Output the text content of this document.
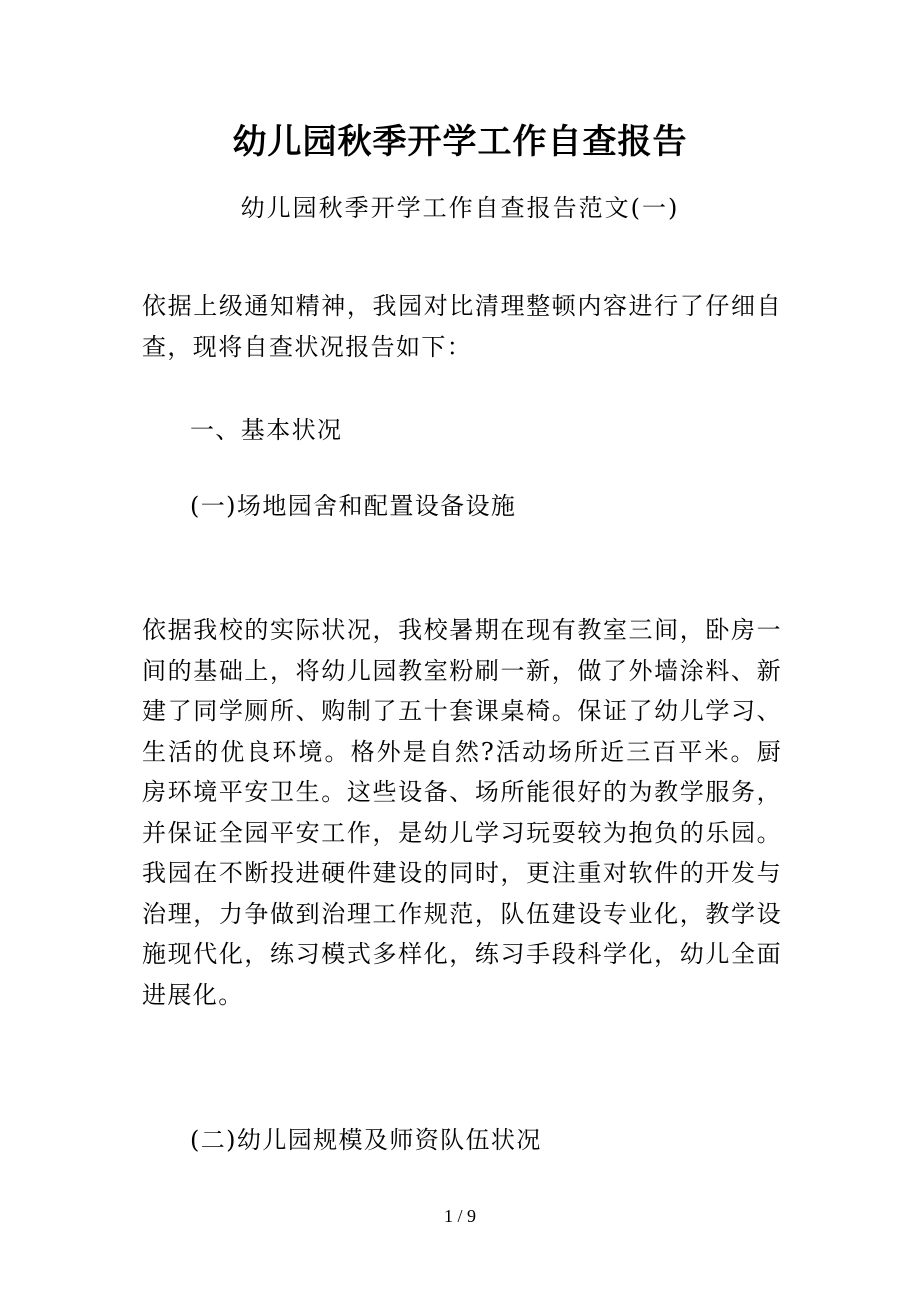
幼儿园秋季开学工作自查报告
幼儿园秋季开学工作自查报告范文(一)
依据上级通知精神，我园对比清理整顿内容进行了仔细自查，现将自查状况报告如下：
一、基本状况
(一)场地园舍和配置设备设施
依据我校的实际状况，我校暑期在现有教室三间，卧房一间的基础上，将幼儿园教室粉刷一新，做了外墙涂料、新建了同学厕所、购制了五十套课桌椅。保证了幼儿学习、生活的优良环境。格外是自然?活动场所近三百平米。厨房环境平安卫生。这些设备、场所能很好的为教学服务，并保证全园平安工作，是幼儿学习玩耍较为抱负的乐园。我园在不断投进硬件建设的同时，更注重对软件的开发与治理，力争做到治理工作规范，队伍建设专业化，教学设施现代化，练习模式多样化，练习手段科学化，幼儿全面进展化。
(二)幼儿园规模及师资队伍状况
1 / 9
